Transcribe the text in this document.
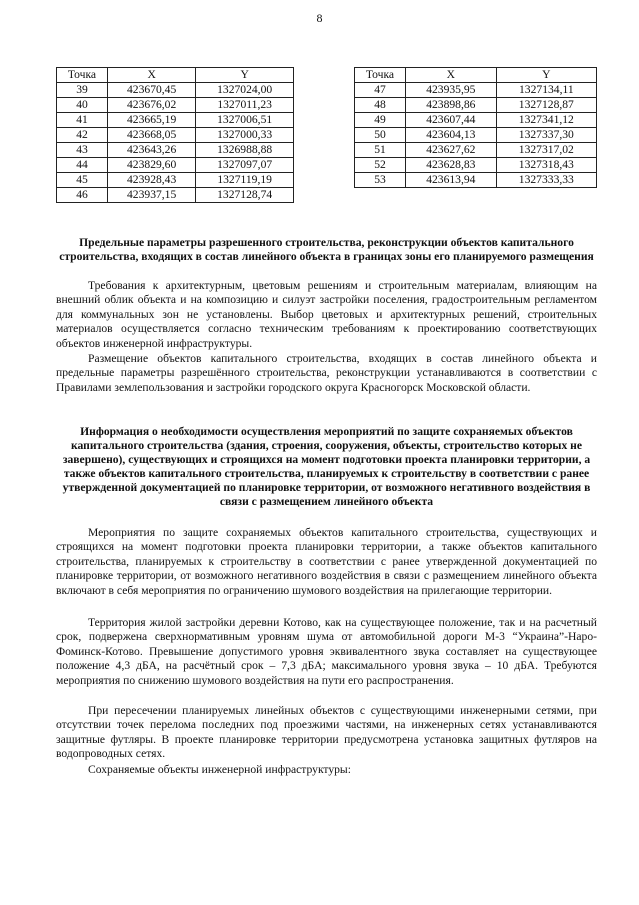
8
Точка	X	Y
39	423670,45	1327024,00
40	423676,02	1327011,23
41	423665,19	1327006,51
42	423668,05	1327000,33
43	423643,26	1326988,88
44	423829,60	1327097,07
45	423928,43	1327119,19
46	423937,15	1327128,74
Точка	X	Y
47	423935,95	1327134,11
48	423898,86	1327128,87
49	423607,44	1327341,12
50	423604,13	1327337,30
51	423627,62	1327317,02
52	423628,83	1327318,43
53	423613,94	1327333,33
Предельные параметры разрешенного строительства, реконструкции объектов капитального строительства, входящих в состав линейного объекта в границах зоны его планируемого размещения

Требования к архитектурным, цветовым решениям и строительным материалам, влияющим на внешний облик объекта и на композицию и силуэт застройки поселения, градостроительным регламентом для коммунальных зон не установлены. Выбор цветовых и архитектурных решений, строительных материалов осуществляется согласно техническим требованиям к проектированию соответствующих объектов инженерной инфраструктуры.

Размещение объектов капитального строительства, входящих в состав линейного объекта и предельные параметры разрешённого строительства, реконструкции устанавливаются в соответствии с Правилами землепользования и застройки городского округа Красногорск Московской области.

Информация о необходимости осуществления мероприятий по защите сохраняемых объектов капитального строительства (здания, строения, сооружения, объекты, строительство которых не завершено), существующих и строящихся на момент подготовки проекта планировки территории, а также объектов капитального строительства, планируемых к строительству в соответствии с ранее утвержденной документацией по планировке территории, от возможного негативного воздействия в связи с размещением линейного объекта

Мероприятия по защите сохраняемых объектов капитального строительства, существующих и строящихся на момент подготовки проекта планировки территории, а также объектов капитального строительства, планируемых к строительству в соответствии с ранее утвержденной документацией по планировке территории, от возможного негативного воздействия в связи с размещением линейного объекта включают в себя мероприятия по ограничению шумового воздействия на прилегающие территории.

Территория жилой застройки деревни Котово, как на существующее положение, так и на расчетный срок, подвержена сверхнормативным уровням шума от автомобильной дороги М-3 “Украина”-Наро-Фоминск-Котово. Превышение допустимого уровня эквивалентного звука составляет на существующее положение 4,3 дБА, на расчётный срок – 7,3 дБА; максимального уровня звука – 10 дБА. Требуются мероприятия по снижению шумового воздействия на пути его распространения.

При пересечении планируемых линейных объектов с существующими инженерными сетями, при отсутствии точек перелома последних под проезжими частями, на инженерных сетях устанавливаются защитные футляры. В проекте планировке территории предусмотрена установка защитных футляров на водопроводных сетях.

Сохраняемые объекты инженерной инфраструктуры:
